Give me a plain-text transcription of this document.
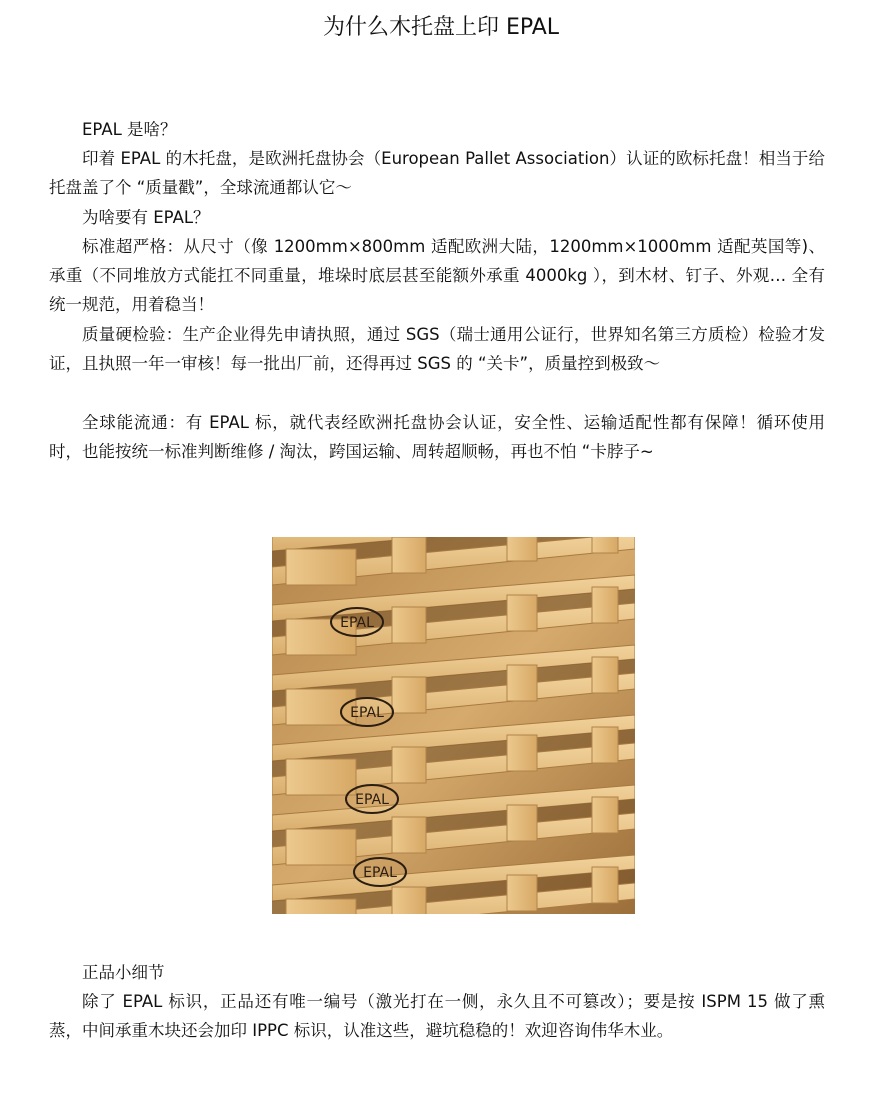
为什么木托盘上印 EPAL

EPAL 是啥？

印着 EPAL 的木托盘，是欧洲托盘协会（European Pallet Association）认证的欧标托盘！相当于给托盘盖了个 “质量戳”，全球流通都认它～

为啥要有 EPAL？

标准超严格：从尺寸（像 1200mm×800mm 适配欧洲大陆，1200mm×1000mm 适配英国等)、承重（不同堆放方式能扛不同重量，堆垛时底层甚至能额外承重 4000kg ），到木材、钉子、外观… 全有统一规范，用着稳当！

质量硬检验：生产企业得先申请执照，通过 SGS（瑞士通用公证行，世界知名第三方质检）检验才发证，且执照一年一审核！每一批出厂前，还得再过 SGS 的 “关卡”，质量控到极致～

全球能流通：有 EPAL 标，就代表经欧洲托盘协会认证，安全性、运输适配性都有保障！循环使用时，也能按统一标准判断维修 / 淘汰，跨国运输、周转超顺畅，再也不怕 “卡脖子~

EPAL
EPAL
EPAL
EPAL

正品小细节

除了 EPAL 标识，正品还有唯一编号（激光打在一侧，永久且不可篡改）；要是按 ISPM 15 做了熏蒸，中间承重木块还会加印 IPPC 标识，认准这些，避坑稳稳的！欢迎咨询伟华木业。
